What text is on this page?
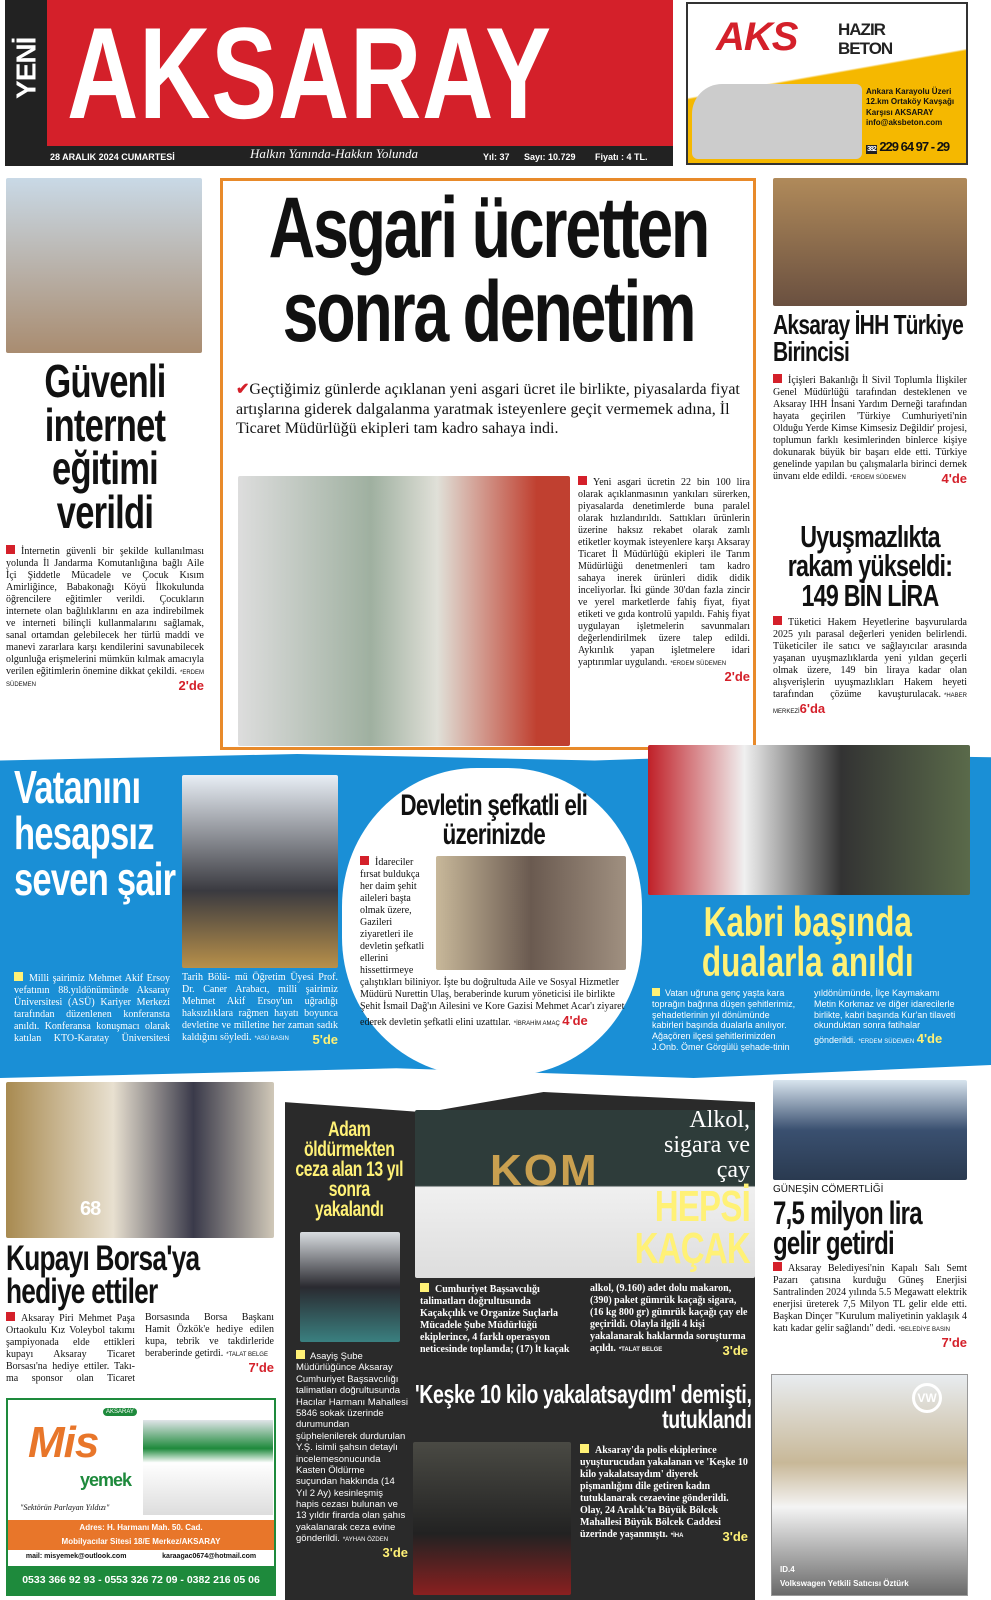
YENİ AKSARAY
28 ARALIK 2024 CUMARTESİ	Halkın Yanında-Hakkın Yolunda	Yıl: 37 Sayı: 10.729 Fiyatı : 4 TL.
AKS HAZIR
BETON
Ankara Karayolu Üzeri
12.km Ortaköy Kavşağı
Karşısı AKSARAY
info@aksbeton.com
382 229 64 97 - 29
Güvenli internet eğitimi verildi
İnternetin güvenli bir şekilde kullanılması yolunda İl Jandarma Komutanlığına bağlı Aile İçi Şiddetle Mücadele ve Çocuk Kısım Amirliğince, Babakonağı Köyü İlkokulunda öğrencilere eğitimler verildi. Çocukların internete olan bağlılıklarını en aza indirebilmek ve interneti bilinçli kullanmalarını sağlamak, sanal ortamdan gelebilecek her türlü maddi ve manevi zararlara karşı kendilerini savunabilecek olgunluğa erişmelerini mümkün kılmak amacıyla verilen eğitimlerin önemine dikkat çekildi. *ERDEM SÜDEMEN	2'de
Asgari ücretten sonra denetim
✔Geçtiğimiz günlerde açıklanan yeni asgari ücret ile birlikte, piyasalarda fiyat artışlarına giderek dalgalanma yaratmak isteyenlere geçit vermemek adına, İl Ticaret Müdürlüğü ekipleri tam kadro sahaya indi.
Yeni asgari ücretin 22 bin 100 lira olarak açıklanmasının yankıları sürerken, piyasalarda denetimlerde buna paralel olarak hızlandırıldı. Sattıkları ürünlerin üzerine haksız rekabet olarak zamlı etiketler koymak isteyenlere karşı Aksaray Ticaret İl Müdürlüğü ekipleri ile Tarım Müdürlüğü denetmenleri tam kadro sahaya inerek ürünleri didik didik inceliyorlar. İki günde 30'dan fazla zincir ve yerel marketlerde fahiş fiyat, fiyat etiketi ve gıda kontrolü yapıldı. Fahiş fiyat uygulayan işletmelerin savunmaları değerlendirilmek üzere talep edildi. Aykırılık yapan işletmelere idari yaptırımlar uygulandı. *ERDEM SÜDEMEN
2'de
Aksaray İHH Türkiye Birincisi
İçişleri Bakanlığı İl Sivil Toplumla İlişkiler Genel Müdürlüğü tarafından desteklenen ve Aksaray IHH İnsani Yardım Derneği tarafından hayata geçirilen 'Türkiye Cumhuriyeti'nin Olduğu Yerde Kimse Kimsesiz Değildir' projesi, toplumun farklı kesimlerinden binlerce kişiye dokunarak büyük bir başarı elde etti. Türkiye genelinde yapılan bu çalışmalarla birinci dernek ünvanı elde edildi. *ERDEM SÜDEMEN	4'de
Uyuşmazlıkta rakam yükseldi: 149 BİN LİRA
Tüketici Hakem Heyetlerine başvurularda 2025 yılı parasal değerleri yeniden belirlendi. Tüketiciler ile satıcı ve sağlayıcılar arasında yaşanan uyuşmazlıklarda yeni yıldan geçerli olmak üzere, 149 bin liraya kadar olan alışverişlerin uyuşmazlıkları Hakem heyeti tarafından çözüme kavuşturulacak. *HABER MERKEZİ6'da
Vatanını hesapsız seven şair
Milli şairimiz Mehmet Akif Ersoy vefatının 88.yıldönümünde Aksaray Üniversitesi (ASÜ) Kariyer Merkezi tarafından düzenlenen konferansta anıldı. Konferansa konuşmacı olarak katılan KTO-Karatay Üniversitesi Tarih Bölü- mü Öğretim Üyesi Prof. Dr. Caner Arabacı, milli şairimiz Mehmet Akif Ersoy'un uğradığı haksızlıklara rağmen hayatı boyunca devletine ve milletine her zaman sadık kaldığını söyledi. *ASÜ BASIN 5'de
Devletin şefkatli eli üzerinizde
İdareciler fırsat buldukça her daim şehit aileleri başta olmak üzere, Gazileri ziyaretleri ile devletin şefkatli ellerini hissettirmeye çalıştıkları biliniyor. İşte bu doğrultuda Aile ve Sosyal Hizmetler Müdürü Nurettin Ulaş, beraberinde kurum yöneticisi ile birlikte Şehit İsmail Dağ'ın Ailesini ve Kore Gazisi Mehmet Acar'ı ziyaret ederek devletin şefkatli elini uzattılar. *İBRAHİM AMAÇ 4'de
Kabri başında dualarla anıldı
Vatan uğruna genç yaşta kara toprağın bağrına düşen şehitlerimiz, şehadetlerinin yıl dönümünde kabirleri başında dualarla anılıyor. Ağaçören ilçesi şehitlerimizden J.Onb. Ömer Görgülü şehade-tinin yıldönümünde, İlçe Kaymakamı Metin Korkmaz ve diğer idarecilerle birlikte, kabri başında Kur'an tilaveti okunduktan sonra fatihalar gönderildi. *ERDEM SÜDEMEN 4'de
68
Kupayı Borsa'ya hediye ettiler
Aksaray Piri Mehmet Paşa Ortaokulu Kız Voleybol takımı şampiyonada elde ettikleri kupayı Aksaray Ticaret Borsası'na hediye ettiler. Takı- ma sponsor olan Ticaret Borsasında Borsa Başkanı Hamit Özkök'e hediye edilen kupa, tebrik ve takdirleride beraberinde getirdi. *TALAT BELGE
7'de
AKSARAY
Mis
yemek
"Sektörün Parlayan Yıldızı"
Adres: H. Harmanı Mah. 50. Cad.
Mobilyacılar Sitesi 18/E Merkez/AKSARAY
mail: misyemek@outlook.com	karaagac0674@hotmail.com
0533 366 92 93 - 0553 326 72 09 - 0382 216 05 06
Adam öldürmekten ceza alan 13 yıl sonra yakalandı
Asayiş Şube Müdürlüğünce Aksaray Cumhuriyet Başsavcılığı talimatları doğrultusunda Hacılar Harmanı Mahallesi 5846 sokak üzerinde durumundan şüphelenilerek durdurulan Y.Ş. isimli şahsın detaylı incelemesonucunda Kasten Öldürme suçundan hakkında (14 Yıl 2 Ay) kesinleşmiş hapis cezası bulunan ve 13 yıldır firarda olan şahıs yakalanarak ceza evine gönderildi. *AYHAN ÖZDEN
3'de
KOM
Alkol, sigara ve çay
HEPSİ KAÇAK
Cumhuriyet Başsavcılığı talimatları doğrultusunda Kaçakçılık ve Organize Suçlarla Mücadele Şube Müdürlüğü ekiplerince, 4 farklı operasyon neticesinde toplamda; (17) lt kaçak alkol, (9.160) adet dolu makaron, (390) paket gümrük kaçağı sigara, (16 kg 800 gr) gümrük kaçağı çay ele geçirildi. Olayla ilgili 4 kişi yakalanarak haklarında soruşturma açıldı. *TALAT BELGE	3'de
'Keşke 10 kilo yakalatsaydım' demişti, tutuklandı
Aksaray'da polis ekiplerince uyuşturucudan yakalanan ve 'Keşke 10 kilo yakalatsaydım' diyerek pişmanlığını dile getiren kadın tutuklanarak cezaevine gönderildi. Olay, 24 Aralık'ta Büyük Bölcek Mahallesi Büyük Bölcek Caddesi üzerinde yaşanmıştı. *İHA	3'de
GÜNEŞİN CÖMERTLİĞİ
7,5 milyon lira gelir getirdi
Aksaray Belediyesi'nin Kapalı Salı Semt Pazarı çatısına kurduğu Güneş Enerjisi Santralinden 2024 yılında 5.5 Megawatt elektrik enerjisi üreterek 7,5 Milyon TL gelir elde etti. Başkan Dinçer "Kurulum maliyetinin yaklaşık 4 katı kadar gelir sağlandı" dedi. *BELEDİYE BASIN
7'de
VW
ID.4
Volkswagen Yetkili Satıcısı Öztürk
